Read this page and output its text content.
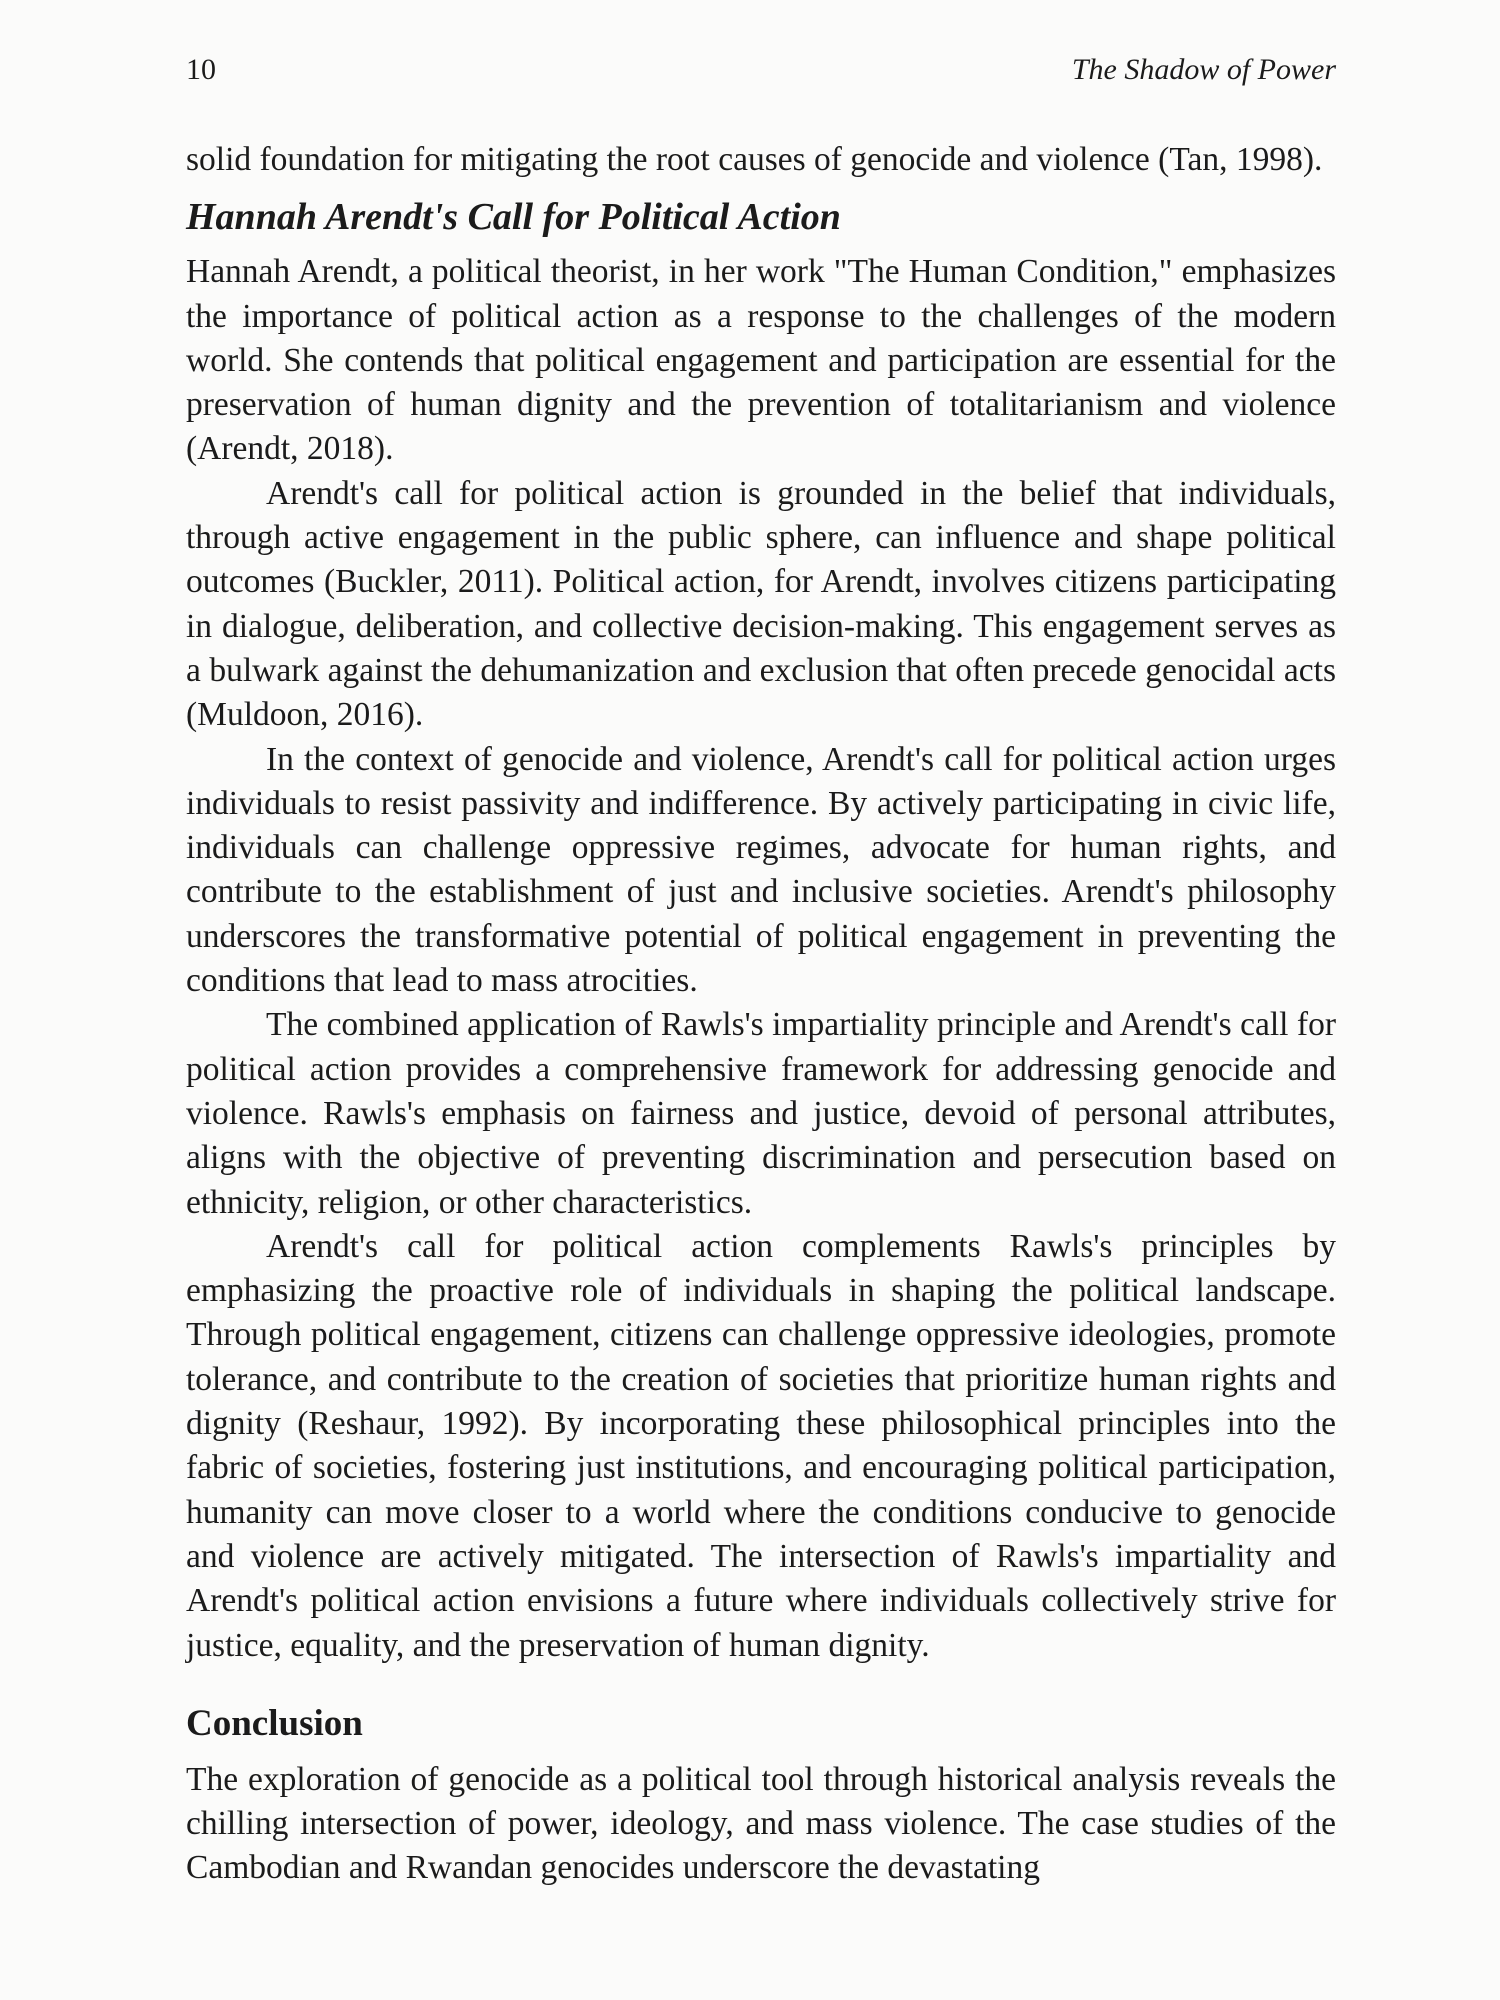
10	The Shadow of Power

solid foundation for mitigating the root causes of genocide and violence (Tan, 1998).

Hannah Arendt's Call for Political Action

Hannah Arendt, a political theorist, in her work "The Human Condition," emphasizes the importance of political action as a response to the challenges of the modern world. She contends that political engagement and participation are essential for the preservation of human dignity and the prevention of totalitarianism and violence (Arendt, 2018).

Arendt's call for political action is grounded in the belief that individuals, through active engagement in the public sphere, can influence and shape political outcomes (Buckler, 2011). Political action, for Arendt, involves citizens participating in dialogue, deliberation, and collective decision-making. This engagement serves as a bulwark against the dehumanization and exclusion that often precede genocidal acts (Muldoon, 2016).

In the context of genocide and violence, Arendt's call for political action urges individuals to resist passivity and indifference. By actively participating in civic life, individuals can challenge oppressive regimes, advocate for human rights, and contribute to the establishment of just and inclusive societies. Arendt's philosophy underscores the transformative potential of political engagement in preventing the conditions that lead to mass atrocities.

The combined application of Rawls's impartiality principle and Arendt's call for political action provides a comprehensive framework for addressing genocide and violence. Rawls's emphasis on fairness and justice, devoid of personal attributes, aligns with the objective of preventing discrimination and persecution based on ethnicity, religion, or other characteristics.

Arendt's call for political action complements Rawls's principles by emphasizing the proactive role of individuals in shaping the political landscape. Through political engagement, citizens can challenge oppressive ideologies, promote tolerance, and contribute to the creation of societies that prioritize human rights and dignity (Reshaur, 1992). By incorporating these philosophical principles into the fabric of societies, fostering just institutions, and encouraging political participation, humanity can move closer to a world where the conditions conducive to genocide and violence are actively mitigated. The intersection of Rawls's impartiality and Arendt's political action envisions a future where individuals collectively strive for justice, equality, and the preservation of human dignity.

Conclusion

The exploration of genocide as a political tool through historical analysis reveals the chilling intersection of power, ideology, and mass violence. The case studies of the Cambodian and Rwandan genocides underscore the devastating
